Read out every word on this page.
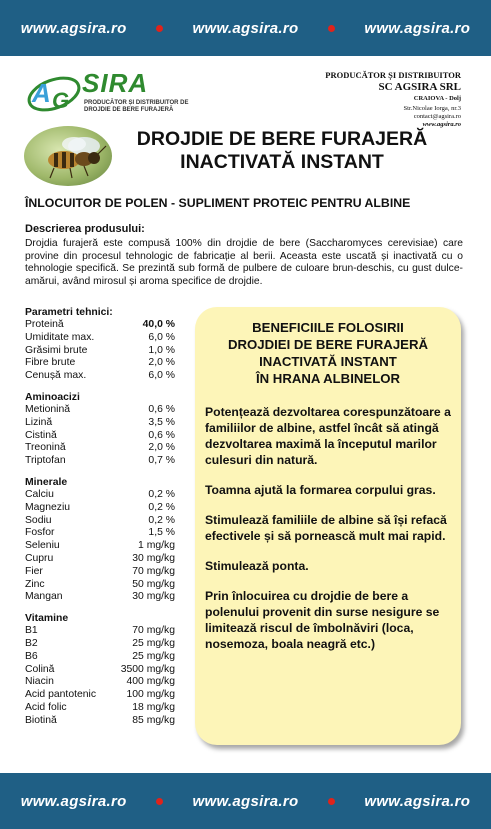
www.agsira.ro	www.agsira.ro	www.agsira.ro
A G
SIRA
PRODUCĂTOR ȘI DISTRIBUITOR DE
DROJDIE DE BERE FURAJERĂ
PRODUCĂTOR ȘI DISTRIBUITOR
SC AGSIRA SRL
CRAIOVA - Dolj
Str.Nicolae Iorga, nr.3
contact@agsira.ro
www.agsira.ro
DROJDIE DE BERE FURAJERĂ
INACTIVATĂ INSTANT
ÎNLOCUITOR DE POLEN - SUPLIMENT PROTEIC PENTRU ALBINE
Descrierea produsului:
Drojdia furajeră este compusă 100% din drojdie de bere (Saccharomyces cerevisiae) care provine din procesul tehnologic de fabricație al berii. Aceasta este uscată și inactivată cu o tehnologie specifică. Se prezintă sub formă de pulbere de culoare brun-deschis, cu gust dulce-amărui, având mirosul și aroma specifice de drojdie.
Parametri tehnici:
Proteină	40,0 %
Umiditate max.	6,0 %
Grăsimi brute	1,0 %
Fibre brute	2,0 %
Cenușă max.	6,0 %
Aminoacizi
Metionină	0,6 %
Lizină	3,5 %
Cistină	0,6 %
Treonină	2,0 %
Triptofan	0,7 %
Minerale
Calciu	0,2 %
Magneziu	0,2 %
Sodiu	0,2 %
Fosfor	1,5 %
Seleniu	1 mg/kg
Cupru	30 mg/kg
Fier	70 mg/kg
Zinc	50 mg/kg
Mangan	30 mg/kg
Vitamine
B1	70 mg/kg
B2	25 mg/kg
B6	25 mg/kg
Colină	3500 mg/kg
Niacin	400 mg/kg
Acid pantotenic	100 mg/kg
Acid folic	18 mg/kg
Biotină	85 mg/kg
BENEFICIILE FOLOSIRII
DROJDIEI DE BERE FURAJERĂ
INACTIVATĂ INSTANT
ÎN HRANA ALBINELOR

Potențează dezvoltarea corespunzătoare a familiilor de albine, astfel încât să atingă dezvoltarea maximă la începutul marilor culesuri din natură.

Toamna ajută la formarea corpului gras.

Stimulează familiile de albine să își refacă efectivele și să pornească mult mai rapid.

Stimulează ponta.

Prin înlocuirea cu drojdie de bere a polenului provenit din surse nesigure se limitează riscul de îmbolnăviri (loca, nosemoza, boala neagră etc.)

www.agsira.ro	www.agsira.ro	www.agsira.ro
